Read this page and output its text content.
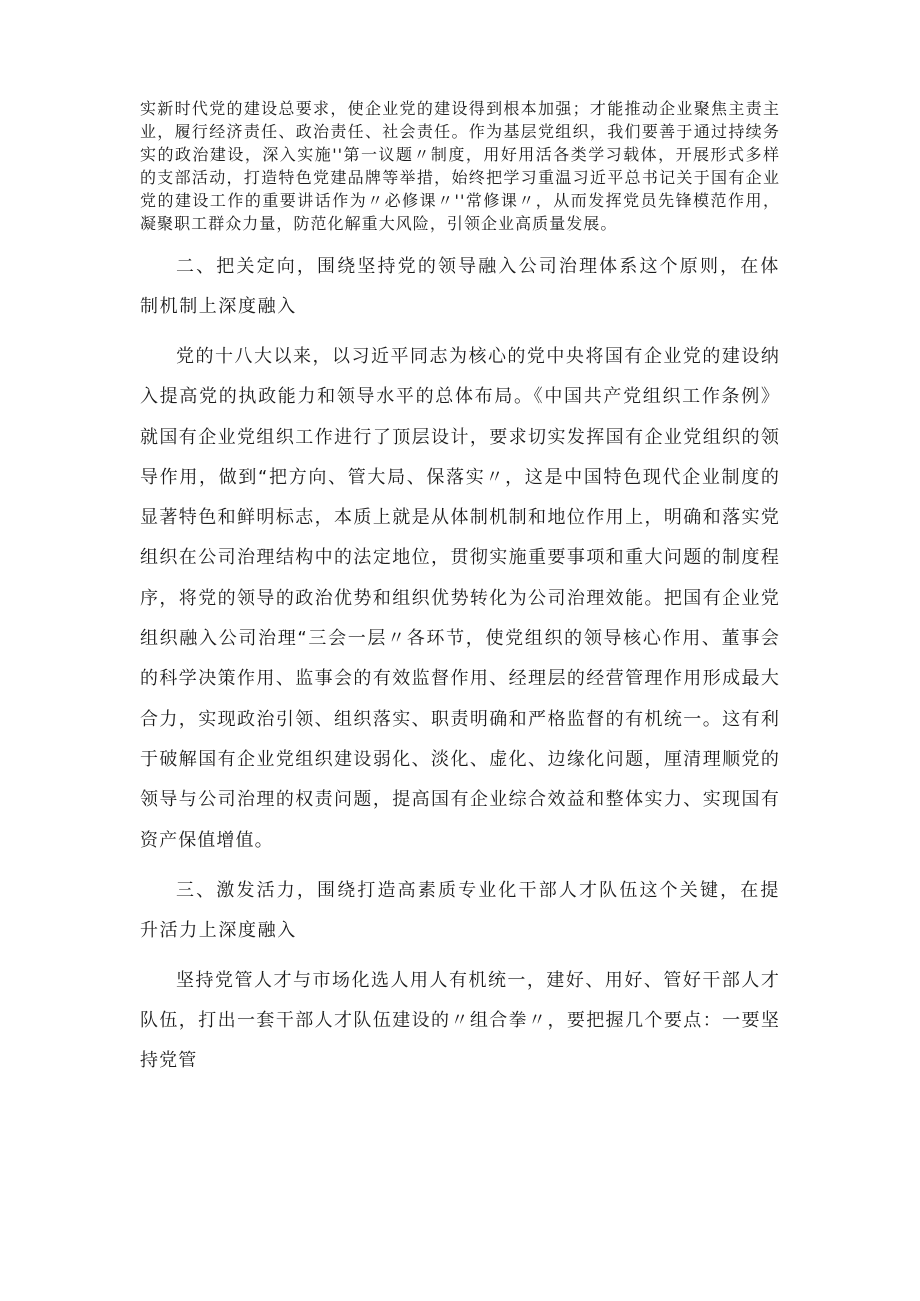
实新时代党的建设总要求，使企业党的建设得到根本加强；才能推动企业聚焦主责主业，履行经济责任、政治责任、社会责任。作为基层党组织，我们要善于通过持续务实的政治建设，深入实施''第一议题〃制度，用好用活各类学习载体，开展形式多样的支部活动，打造特色党建品牌等举措，始终把学习重温习近平总书记关于国有企业党的建设工作的重要讲话作为〃必修课〃''常修课〃，从而发挥党员先锋模范作用，凝聚职工群众力量，防范化解重大风险，引领企业高质量发展。

二、把关定向，围绕坚持党的领导融入公司治理体系这个原则，在体制机制上深度融入

党的十八大以来，以习近平同志为核心的党中央将国有企业党的建设纳入提高党的执政能力和领导水平的总体布局。《中国共产党组织工作条例》就国有企业党组织工作进行了顶层设计，要求切实发挥国有企业党组织的领导作用，做到“把方向、管大局、保落实〃，这是中国特色现代企业制度的显著特色和鲜明标志，本质上就是从体制机制和地位作用上，明确和落实党组织在公司治理结构中的法定地位，贯彻实施重要事项和重大问题的制度程序，将党的领导的政治优势和组织优势转化为公司治理效能。把国有企业党组织融入公司治理“三会一层〃各环节，使党组织的领导核心作用、董事会的科学决策作用、监事会的有效监督作用、经理层的经营管理作用形成最大合力，实现政治引领、组织落实、职责明确和严格监督的有机统一。这有利于破解国有企业党组织建设弱化、淡化、虚化、边缘化问题，厘清理顺党的领导与公司治理的权责问题，提高国有企业综合效益和整体实力、实现国有资产保值增值。

三、激发活力，围绕打造高素质专业化干部人才队伍这个关键，在提升活力上深度融入

坚持党管人才与市场化选人用人有机统一，建好、用好、管好干部人才队伍，打出一套干部人才队伍建设的〃组合拳〃，要把握几个要点：一要坚持党管
